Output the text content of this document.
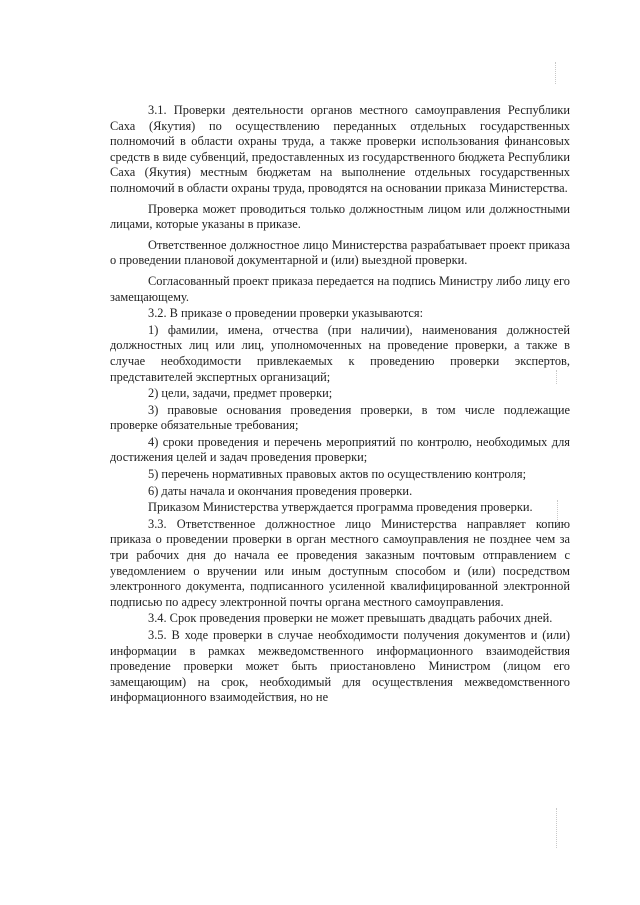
3.1. Проверки деятельности органов местного самоуправления Республики Саха (Якутия) по осуществлению переданных отдельных государственных полномочий в области охраны труда, а также проверки использования финансовых средств в виде субвенций, предоставленных из государственного бюджета Республики Саха (Якутия) местным бюджетам на выполнение отдельных государственных полномочий в области охраны труда, проводятся на основании приказа Министерства.

Проверка может проводиться только должностным лицом или должностными лицами, которые указаны в приказе.

Ответственное должностное лицо Министерства разрабатывает проект приказа о проведении плановой документарной и (или) выездной проверки.

Согласованный проект приказа передается на подпись Министру либо лицу его замещающему.

3.2. В приказе о проведении проверки указываются:

1) фамилии, имена, отчества (при наличии), наименования должностей должностных лиц или лиц, уполномоченных на проведение проверки, а также в случае необходимости привлекаемых к проведению проверки экспертов, представителей экспертных организаций;

2) цели, задачи, предмет проверки;

3) правовые основания проведения проверки, в том числе подлежащие проверке обязательные требования;

4) сроки проведения и перечень мероприятий по контролю, необходимых для достижения целей и задач проведения проверки;

5) перечень нормативных правовых актов по осуществлению контроля;

6) даты начала и окончания проведения проверки.

Приказом Министерства утверждается программа проведения проверки.

3.3. Ответственное должностное лицо Министерства направляет копию приказа о проведении проверки в орган местного самоуправления не позднее чем за три рабочих дня до начала ее проведения заказным почтовым отправлением с уведомлением о вручении или иным доступным способом и (или) посредством электронного документа, подписанного усиленной квалифицированной электронной подписью по адресу электронной почты органа местного самоуправления.

3.4. Срок проведения проверки не может превышать двадцать рабочих дней.

3.5. В ходе проверки в случае необходимости получения документов и (или) информации в рамках межведомственного информационного взаимодействия проведение проверки может быть приостановлено Министром (лицом его замещающим) на срок, необходимый для осуществления межведомственного информационного взаимодействия, но не
